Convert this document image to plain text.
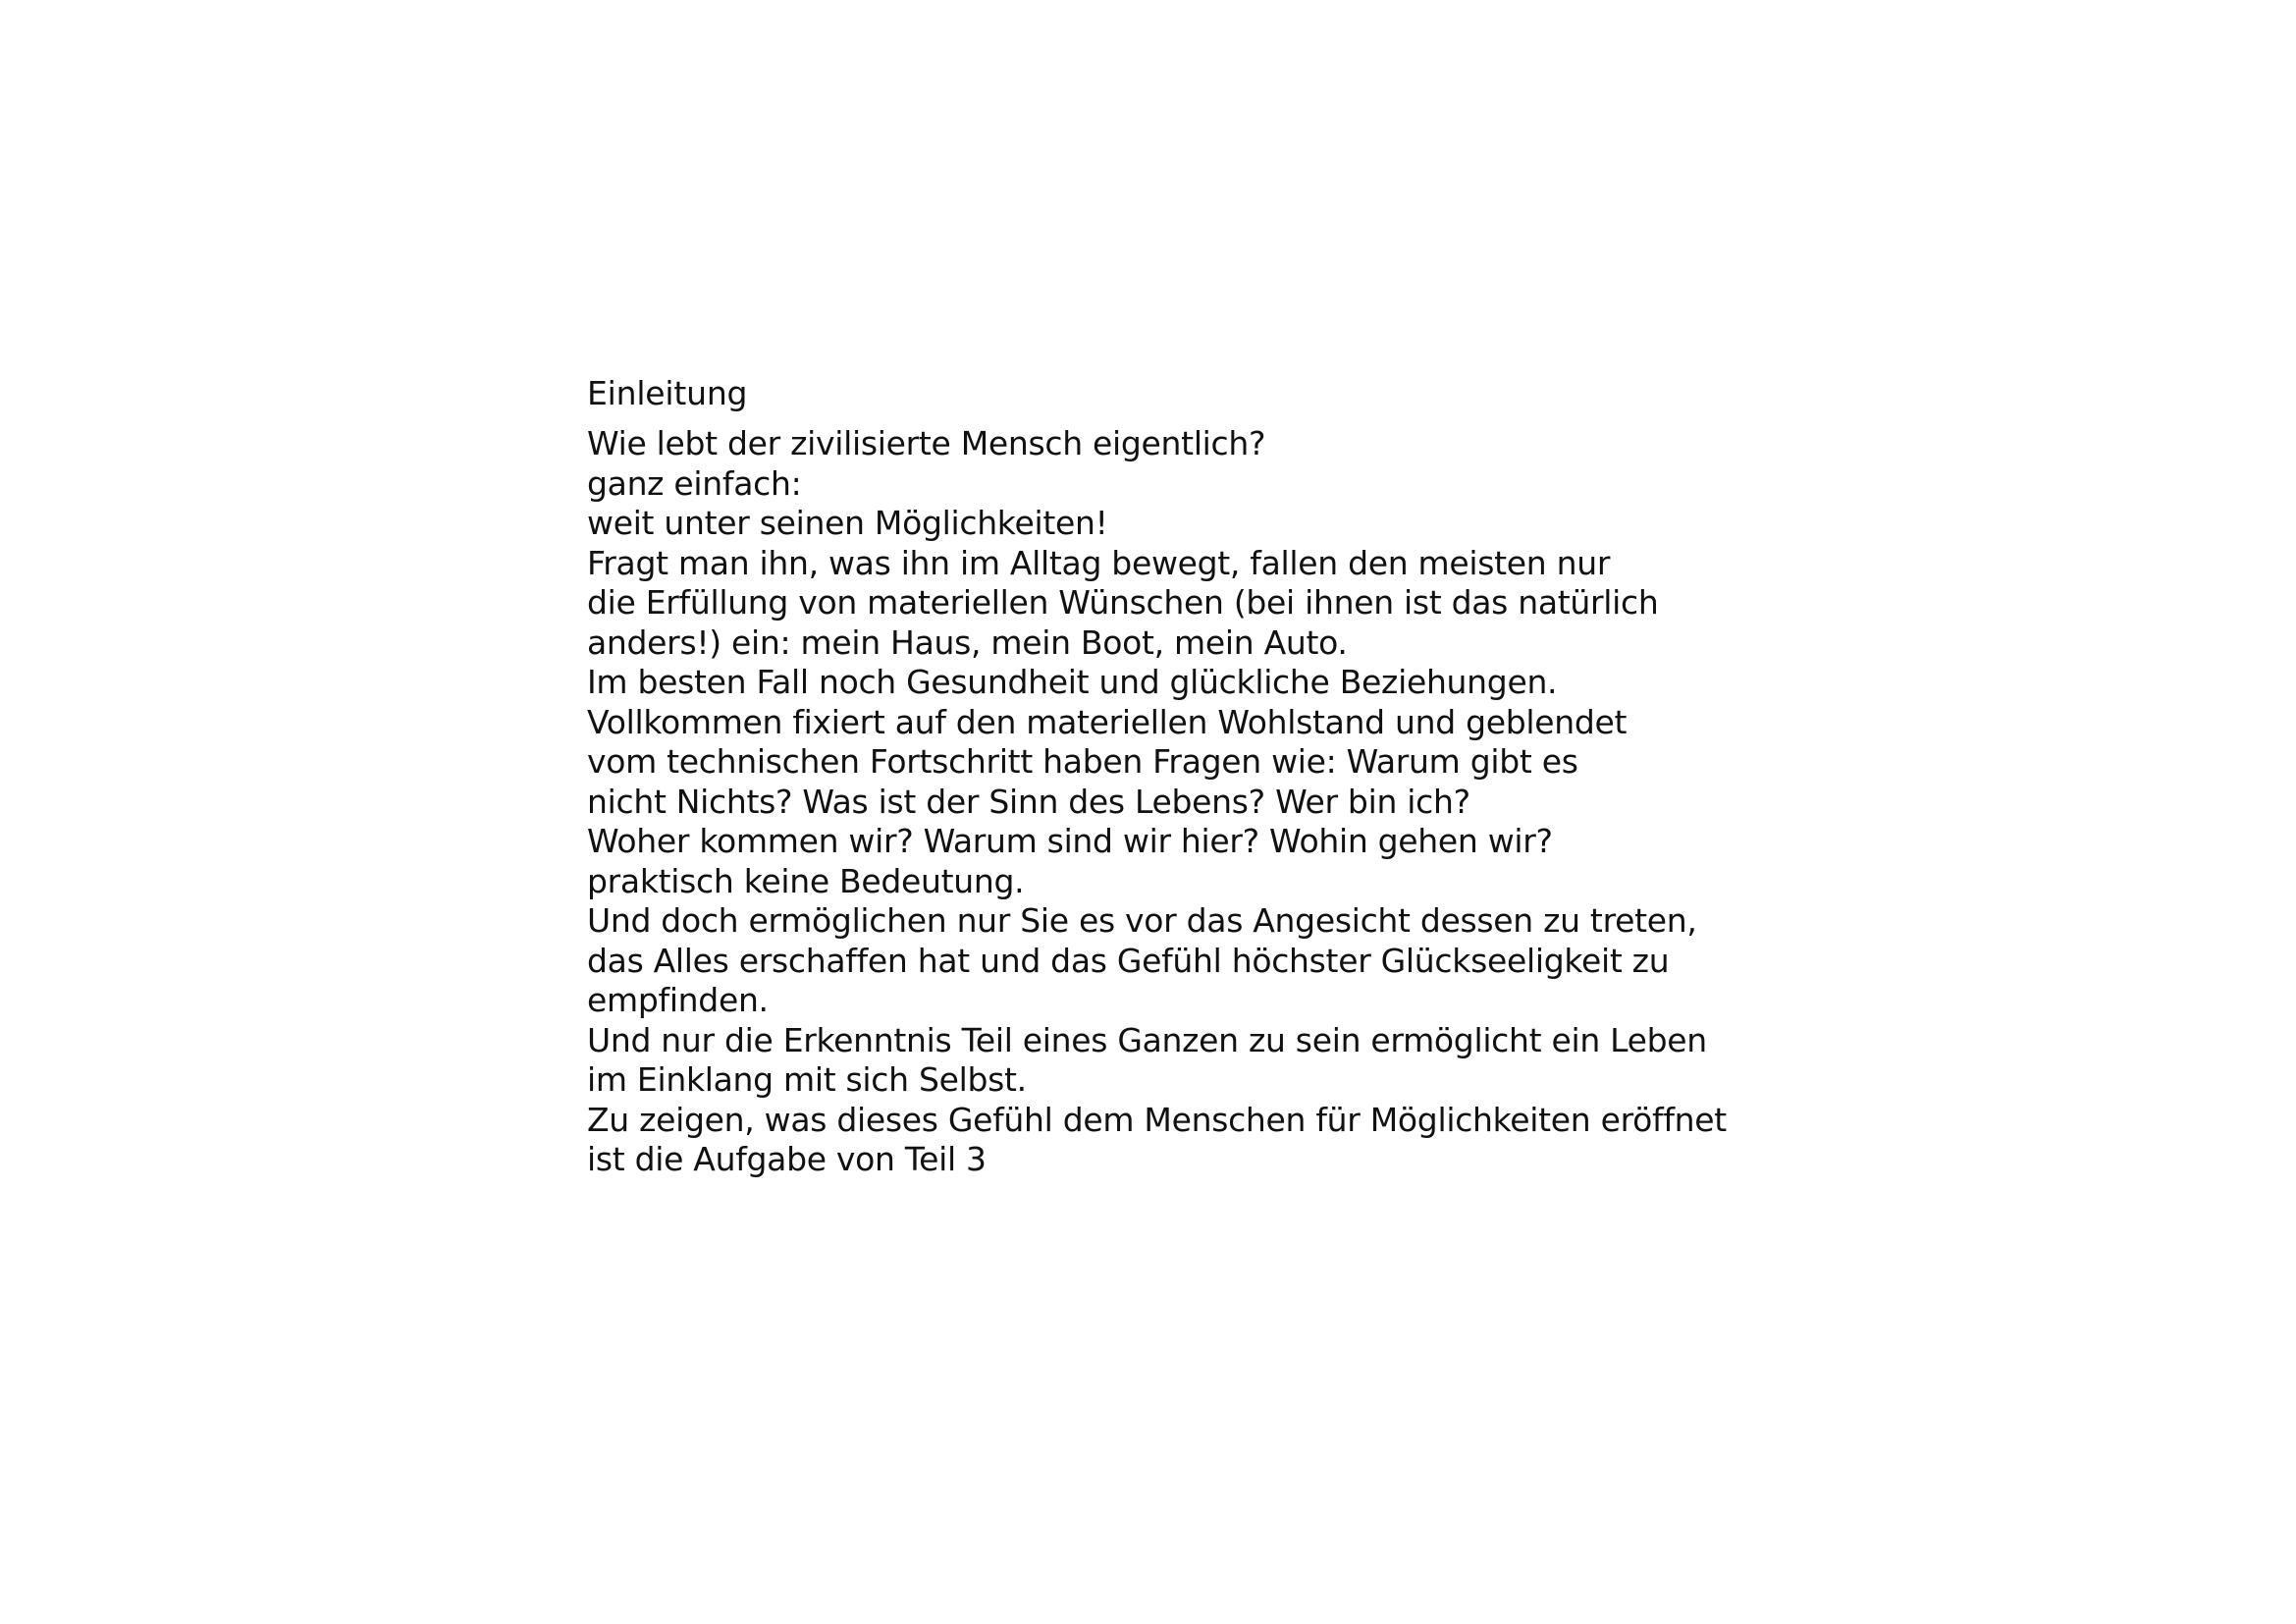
Einleitung
Wie lebt der zivilisierte Mensch eigentlich?
ganz einfach:
weit unter seinen Möglichkeiten!
Fragt man ihn, was ihn im Alltag bewegt, fallen den meisten nur
die Erfüllung von materiellen Wünschen (bei ihnen ist das natürlich
anders!) ein: mein Haus, mein Boot, mein Auto.
Im besten Fall noch Gesundheit und glückliche Beziehungen.
Vollkommen fixiert auf den materiellen Wohlstand und geblendet
vom technischen Fortschritt haben Fragen wie: Warum gibt es
nicht Nichts? Was ist der Sinn des Lebens? Wer bin ich?
Woher kommen wir? Warum sind wir hier? Wohin gehen wir?
praktisch keine Bedeutung.
Und doch ermöglichen nur Sie es vor das Angesicht dessen zu treten,
das Alles erschaffen hat und das Gefühl höchster Glückseeligkeit zu
empfinden.
Und nur die Erkenntnis Teil eines Ganzen zu sein ermöglicht ein Leben
im Einklang mit sich Selbst.
Zu zeigen, was dieses Gefühl dem Menschen für Möglichkeiten eröffnet
ist die Aufgabe von Teil 3
